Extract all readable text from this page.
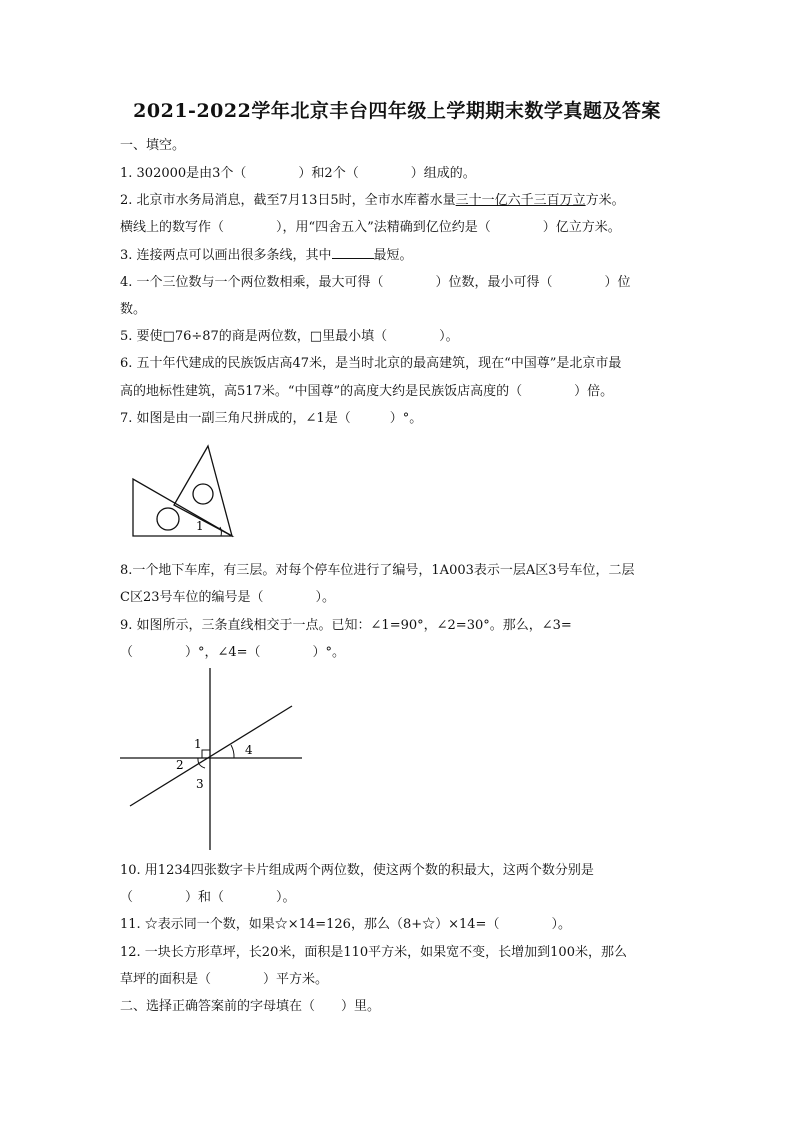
2021-2022学年北京丰台四年级上学期期末数学真题及答案
一、填空。
1. 302000是由3个（　　　　）和2个（　　　　）组成的。
2. 北京市水务局消息，截至7月13日5时，全市水库蓄水量三十一亿六千三百万立方米。
横线上的数写作（　　　　），用“四舍五入”法精确到亿位约是（　　　　）亿立方米。
3. 连接两点可以画出很多条线，其中	最短。
4. 一个三位数与一个两位数相乘，最大可得（　　　　）位数，最小可得（　　　　）位
数。
5. 要使□76÷87的商是两位数，□里最小填（　　　　）。
6. 五十年代建成的民族饭店高47米，是当时北京的最高建筑，现在“中国尊”是北京市最
高的地标性建筑，高517米。“中国尊”的高度大约是民族饭店高度的（　　　　）倍。
7. 如图是由一副三角尺拼成的，∠1是（　　　）°。
1
8.一个地下车库，有三层。对每个停车位进行了编号，1A003表示一层A区3号车位，二层
C区23号车位的编号是（　　　　）。
9. 如图所示，三条直线相交于一点。已知：∠1=90°，∠2=30°。那么，∠3=
（　　　　）°，∠4=（　　　　）°。
1
2
3
4
10. 用1234四张数字卡片组成两个两位数，使这两个数的积最大，这两个数分别是
（　　　　）和（　　　　）。
11. ☆表示同一个数，如果☆×14=126，那么（8+☆）×14=（　　　　）。
12. 一块长方形草坪，长20米，面积是110平方米，如果宽不变，长增加到100米，那么
草坪的面积是（　　　　）平方米。
二、选择正确答案前的字母填在（　　）里。
